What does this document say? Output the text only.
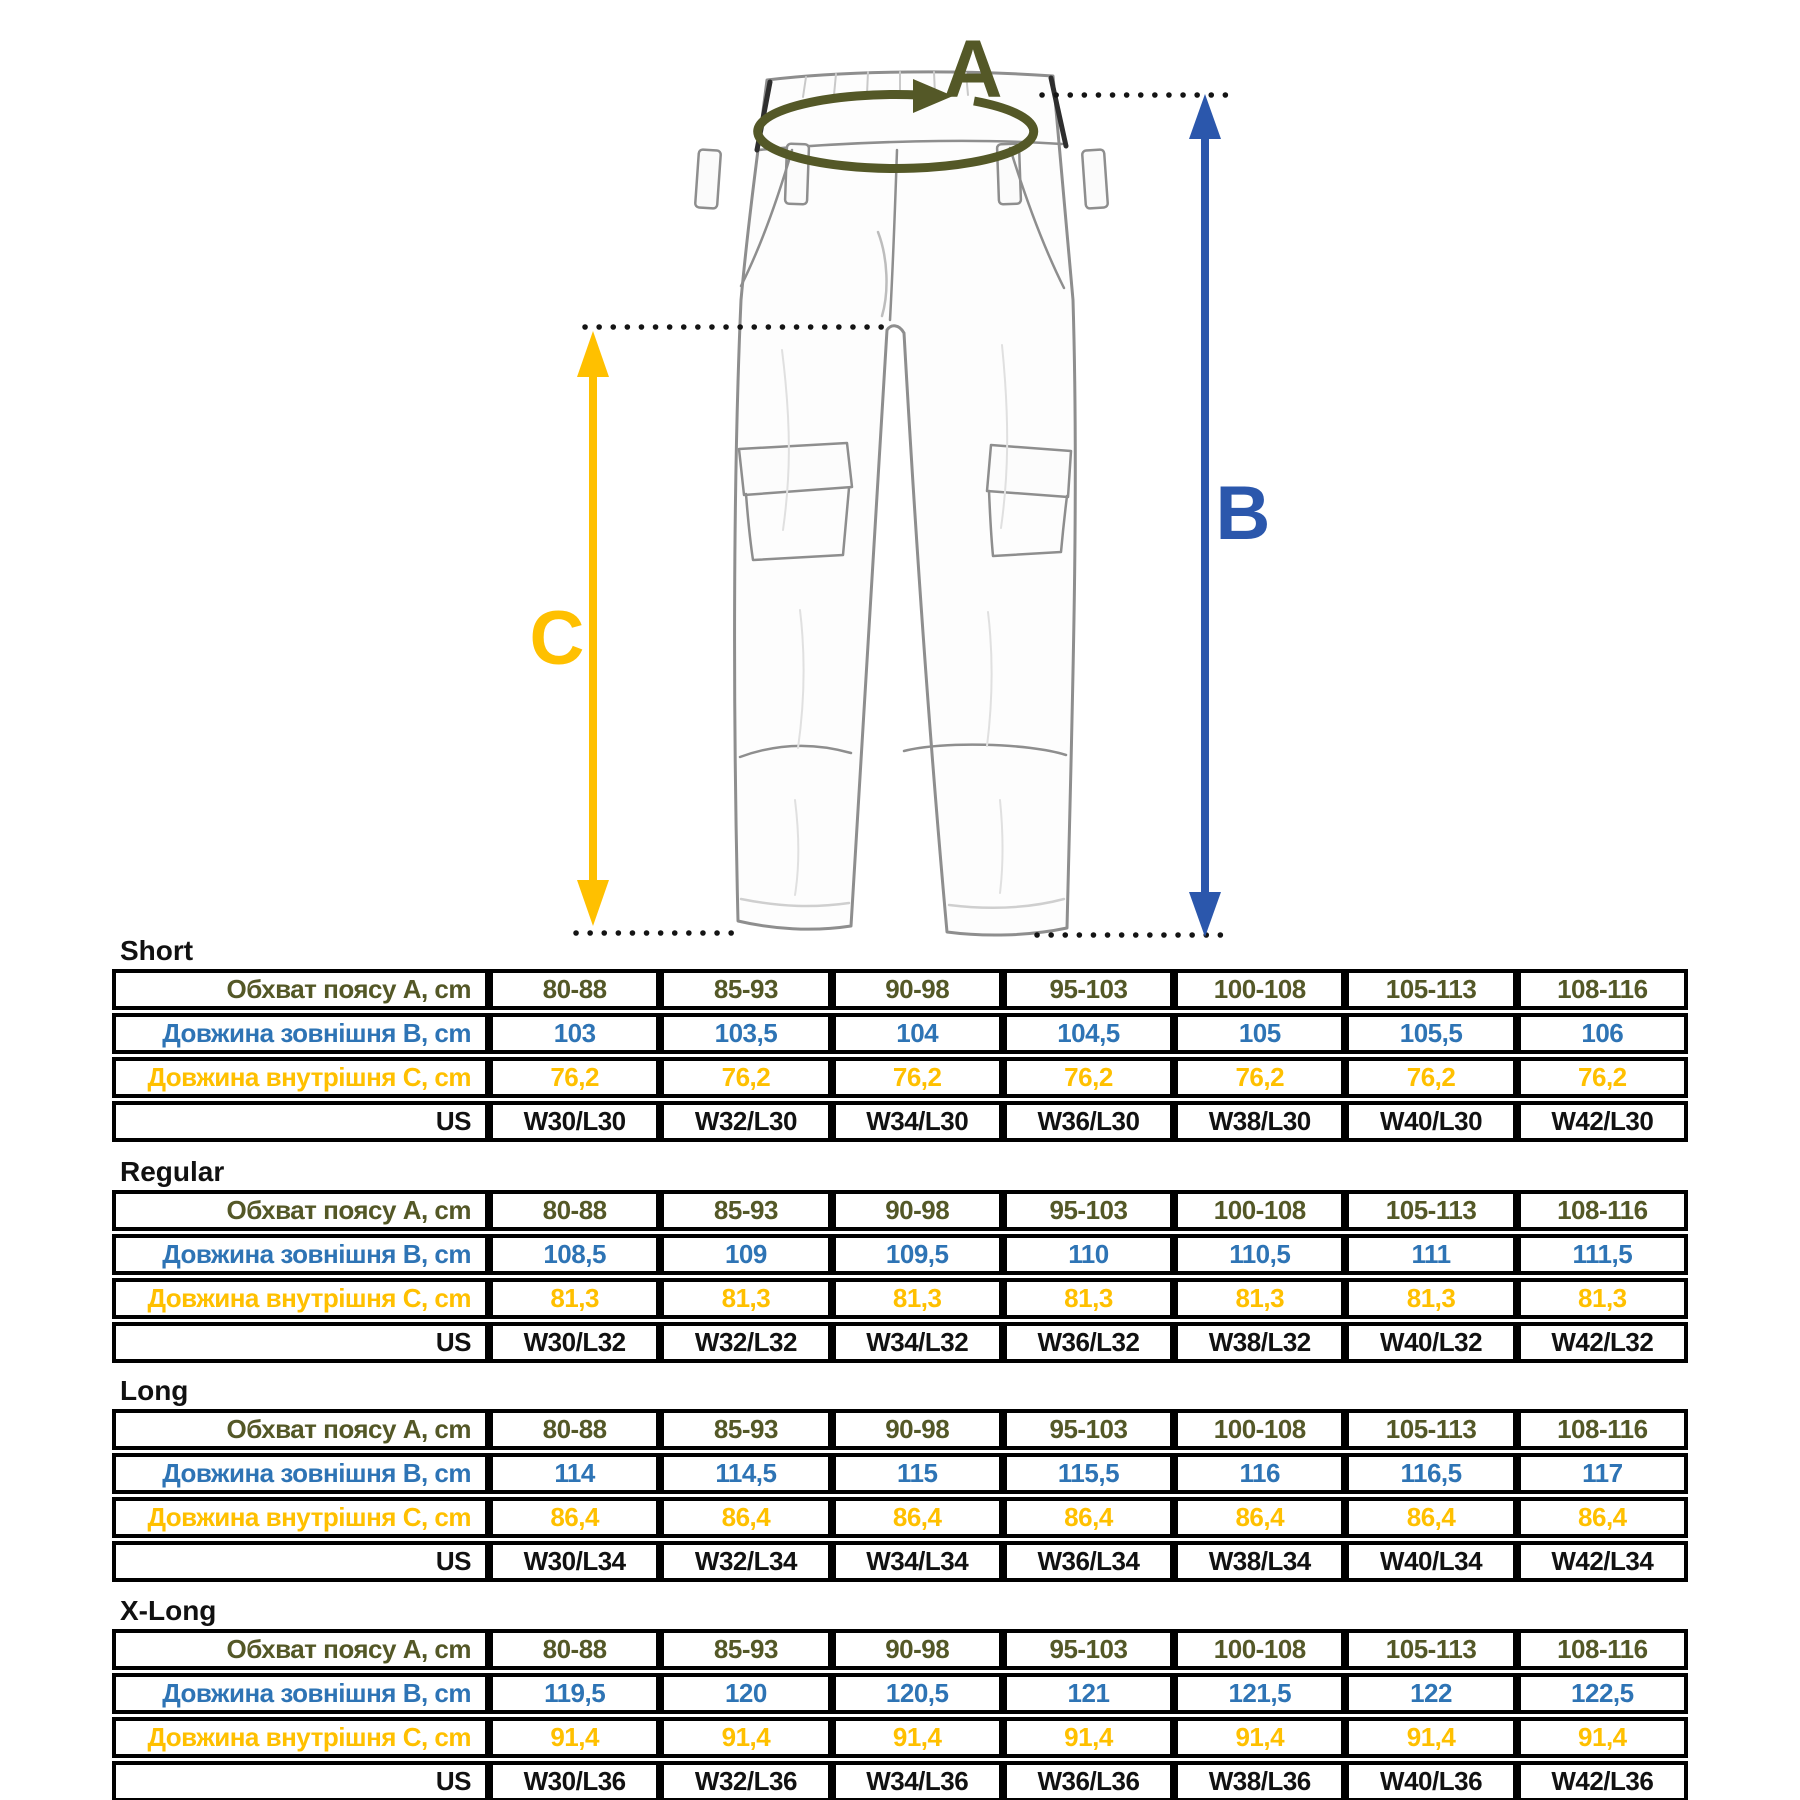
A
B
C
Short
Обхват поясу A, cm	80-88	85-93	90-98	95-103	100-108	105-113	108-116
Довжина зовнішня B, cm	103	103,5	104	104,5	105	105,5	106
Довжина внутрішня C, cm	76,2	76,2	76,2	76,2	76,2	76,2	76,2
US	W30/L30	W32/L30	W34/L30	W36/L30	W38/L30	W40/L30	W42/L30
Regular
Обхват поясу A, cm	80-88	85-93	90-98	95-103	100-108	105-113	108-116
Довжина зовнішня B, cm	108,5	109	109,5	110	110,5	111	111,5
Довжина внутрішня C, cm	81,3	81,3	81,3	81,3	81,3	81,3	81,3
US	W30/L32	W32/L32	W34/L32	W36/L32	W38/L32	W40/L32	W42/L32
Long
Обхват поясу A, cm	80-88	85-93	90-98	95-103	100-108	105-113	108-116
Довжина зовнішня B, cm	114	114,5	115	115,5	116	116,5	117
Довжина внутрішня C, cm	86,4	86,4	86,4	86,4	86,4	86,4	86,4
US	W30/L34	W32/L34	W34/L34	W36/L34	W38/L34	W40/L34	W42/L34
X-Long
Обхват поясу A, cm	80-88	85-93	90-98	95-103	100-108	105-113	108-116
Довжина зовнішня B, cm	119,5	120	120,5	121	121,5	122	122,5
Довжина внутрішня C, cm	91,4	91,4	91,4	91,4	91,4	91,4	91,4
US	W30/L36	W32/L36	W34/L36	W36/L36	W38/L36	W40/L36	W42/L36
